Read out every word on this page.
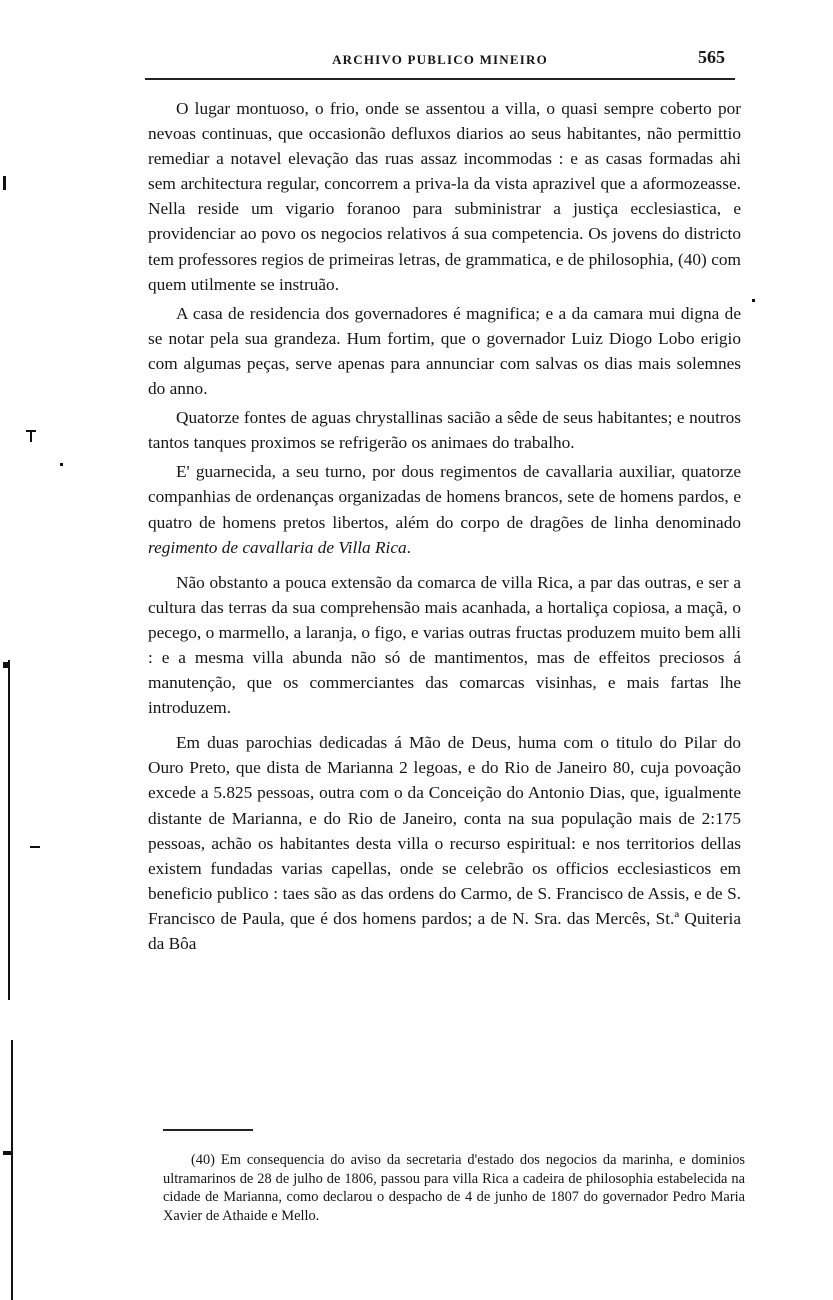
ARCHIVO PUBLICO MINEIRO	565

O lugar montuoso, o frio, onde se assentou a villa, o quasi sempre coberto por nevoas continuas, que occasionão defluxos diarios ao seus habitantes, não permittio remediar a notavel elevação das ruas assaz incommodas : e as casas formadas ahi sem architectura regular, concorrem a priva-la da vista aprazivel que a aformozeasse. Nella reside um vigario foranoo para subministrar a justiça ecclesiastica, e providenciar ao povo os negocios relativos á sua competencia. Os jovens do districto tem professores regios de primeiras letras, de grammatica, e de philosophia, (40) com quem utilmente se instruão.

A casa de residencia dos governadores é magnifica; e a da camara mui digna de se notar pela sua grandeza. Hum fortim, que o governador Luiz Diogo Lobo erigio com algumas peças, serve apenas para annunciar com salvas os dias mais solemnes do anno.

Quatorze fontes de aguas chrystallinas sacião a sêde de seus habitantes; e noutros tantos tanques proximos se refrigerão os animaes do trabalho.

E' guarnecida, a seu turno, por dous regimentos de cavallaria auxiliar, quatorze companhias de ordenanças organizadas de homens brancos, sete de homens pardos, e quatro de homens pretos libertos, além do corpo de dragões de linha denominado regimento de cavallaria de Villa Rica.

Não obstanto a pouca extensão da comarca de villa Rica, a par das outras, e ser a cultura das terras da sua comprehensão mais acanhada, a hortaliça copiosa, a maçã, o pecego, o marmello, a laranja, o figo, e varias outras fructas produzem muito bem alli : e a mesma villa abunda não só de mantimentos, mas de effeitos preciosos á manutenção, que os commerciantes das comarcas visinhas, e mais fartas lhe introduzem.

Em duas parochias dedicadas á Mão de Deus, huma com o titulo do Pilar do Ouro Preto, que dista de Marianna 2 legoas, e do Rio de Janeiro 80, cuja povoação excede a 5.825 pessoas, outra com o da Conceição do Antonio Dias, que, igualmente distante de Marianna, e do Rio de Janeiro, conta na sua população mais de 2:175 pessoas, achão os habitantes desta villa o recurso espiritual: e nos territorios dellas existem fundadas varias capellas, onde se celebrão os officios ecclesiasticos em beneficio publico : taes são as das ordens do Carmo, de S. Francisco de Assis, e de S. Francisco de Paula, que é dos homens pardos; a de N. Sra. das Mercês, St.ª Quiteria da Bôa

(40) Em consequencia do aviso da secretaria d'estado dos negocios da marinha, e dominios ultramarinos de 28 de julho de 1806, passou para villa Rica a cadeira de philosophia estabelecida na cidade de Marianna, como declarou o despacho de 4 de junho de 1807 do governador Pedro Maria Xavier de Athaide e Mello.
